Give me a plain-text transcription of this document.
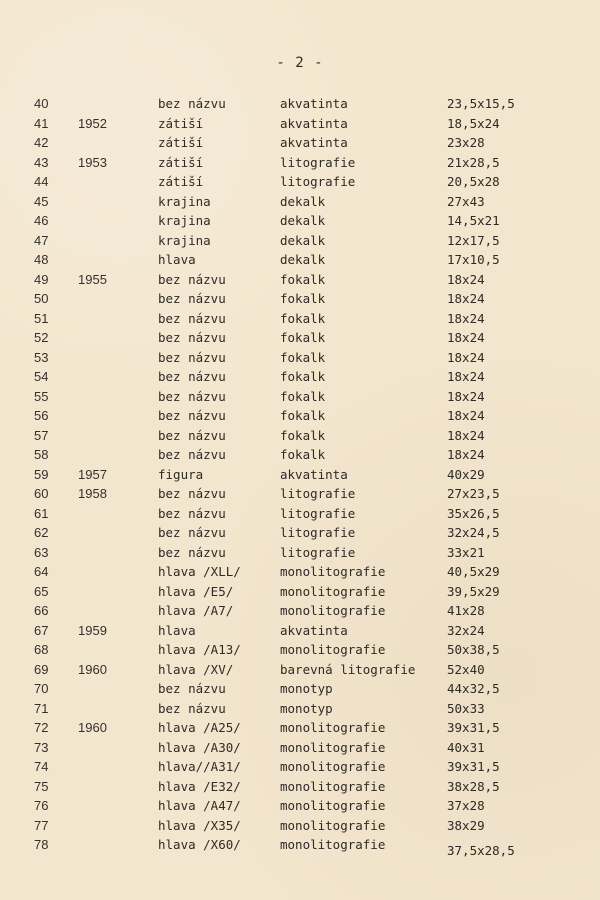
- 2 -
40	bez názvu	akvatinta	23,5x15,5
41	1952	zátiší	akvatinta	18,5x24
42	zátiší	akvatinta	23x28
43	1953	zátiší	litografie	21x28,5
44	zátiší	litografie	20,5x28
45	krajina	dekalk	27x43
46	krajina	dekalk	14,5x21
47	krajina	dekalk	12x17,5
48	hlava	dekalk	17x10,5
49	1955	bez názvu	fokalk	18x24
50	bez názvu	fokalk	18x24
51	bez názvu	fokalk	18x24
52	bez názvu	fokalk	18x24
53	bez názvu	fokalk	18x24
54	bez názvu	fokalk	18x24
55	bez názvu	fokalk	18x24
56	bez názvu	fokalk	18x24
57	bez názvu	fokalk	18x24
58	bez názvu	fokalk	18x24
59	1957	figura	akvatinta	40x29
60	1958	bez názvu	litografie	27x23,5
61	bez názvu	litografie	35x26,5
62	bez názvu	litografie	32x24,5
63	bez názvu	litografie	33x21
64	hlava /XLL/	monolitografie	40,5x29
65	hlava /E5/	monolitografie	39,5x29
66	hlava /A7/	monolitografie	41x28
67	1959	hlava	akvatinta	32x24
68	hlava /A13/	monolitografie	50x38,5
69	1960	hlava /XV/	barevná litografie	52x40
70	bez názvu	monotyp	44x32,5
71	bez názvu	monotyp	50x33
72	1960	hlava /A25/	monolitografie	39x31,5
73	hlava /A30/	monolitografie	40x31
74	hlava//A31/	monolitografie	39x31,5
75	hlava /E32/	monolitografie	38x28,5
76	hlava /A47/	monolitografie	37x28
77	hlava /X35/	monolitografie	38x29
78	hlava /X60/	monolitografie	37,5x28,5
